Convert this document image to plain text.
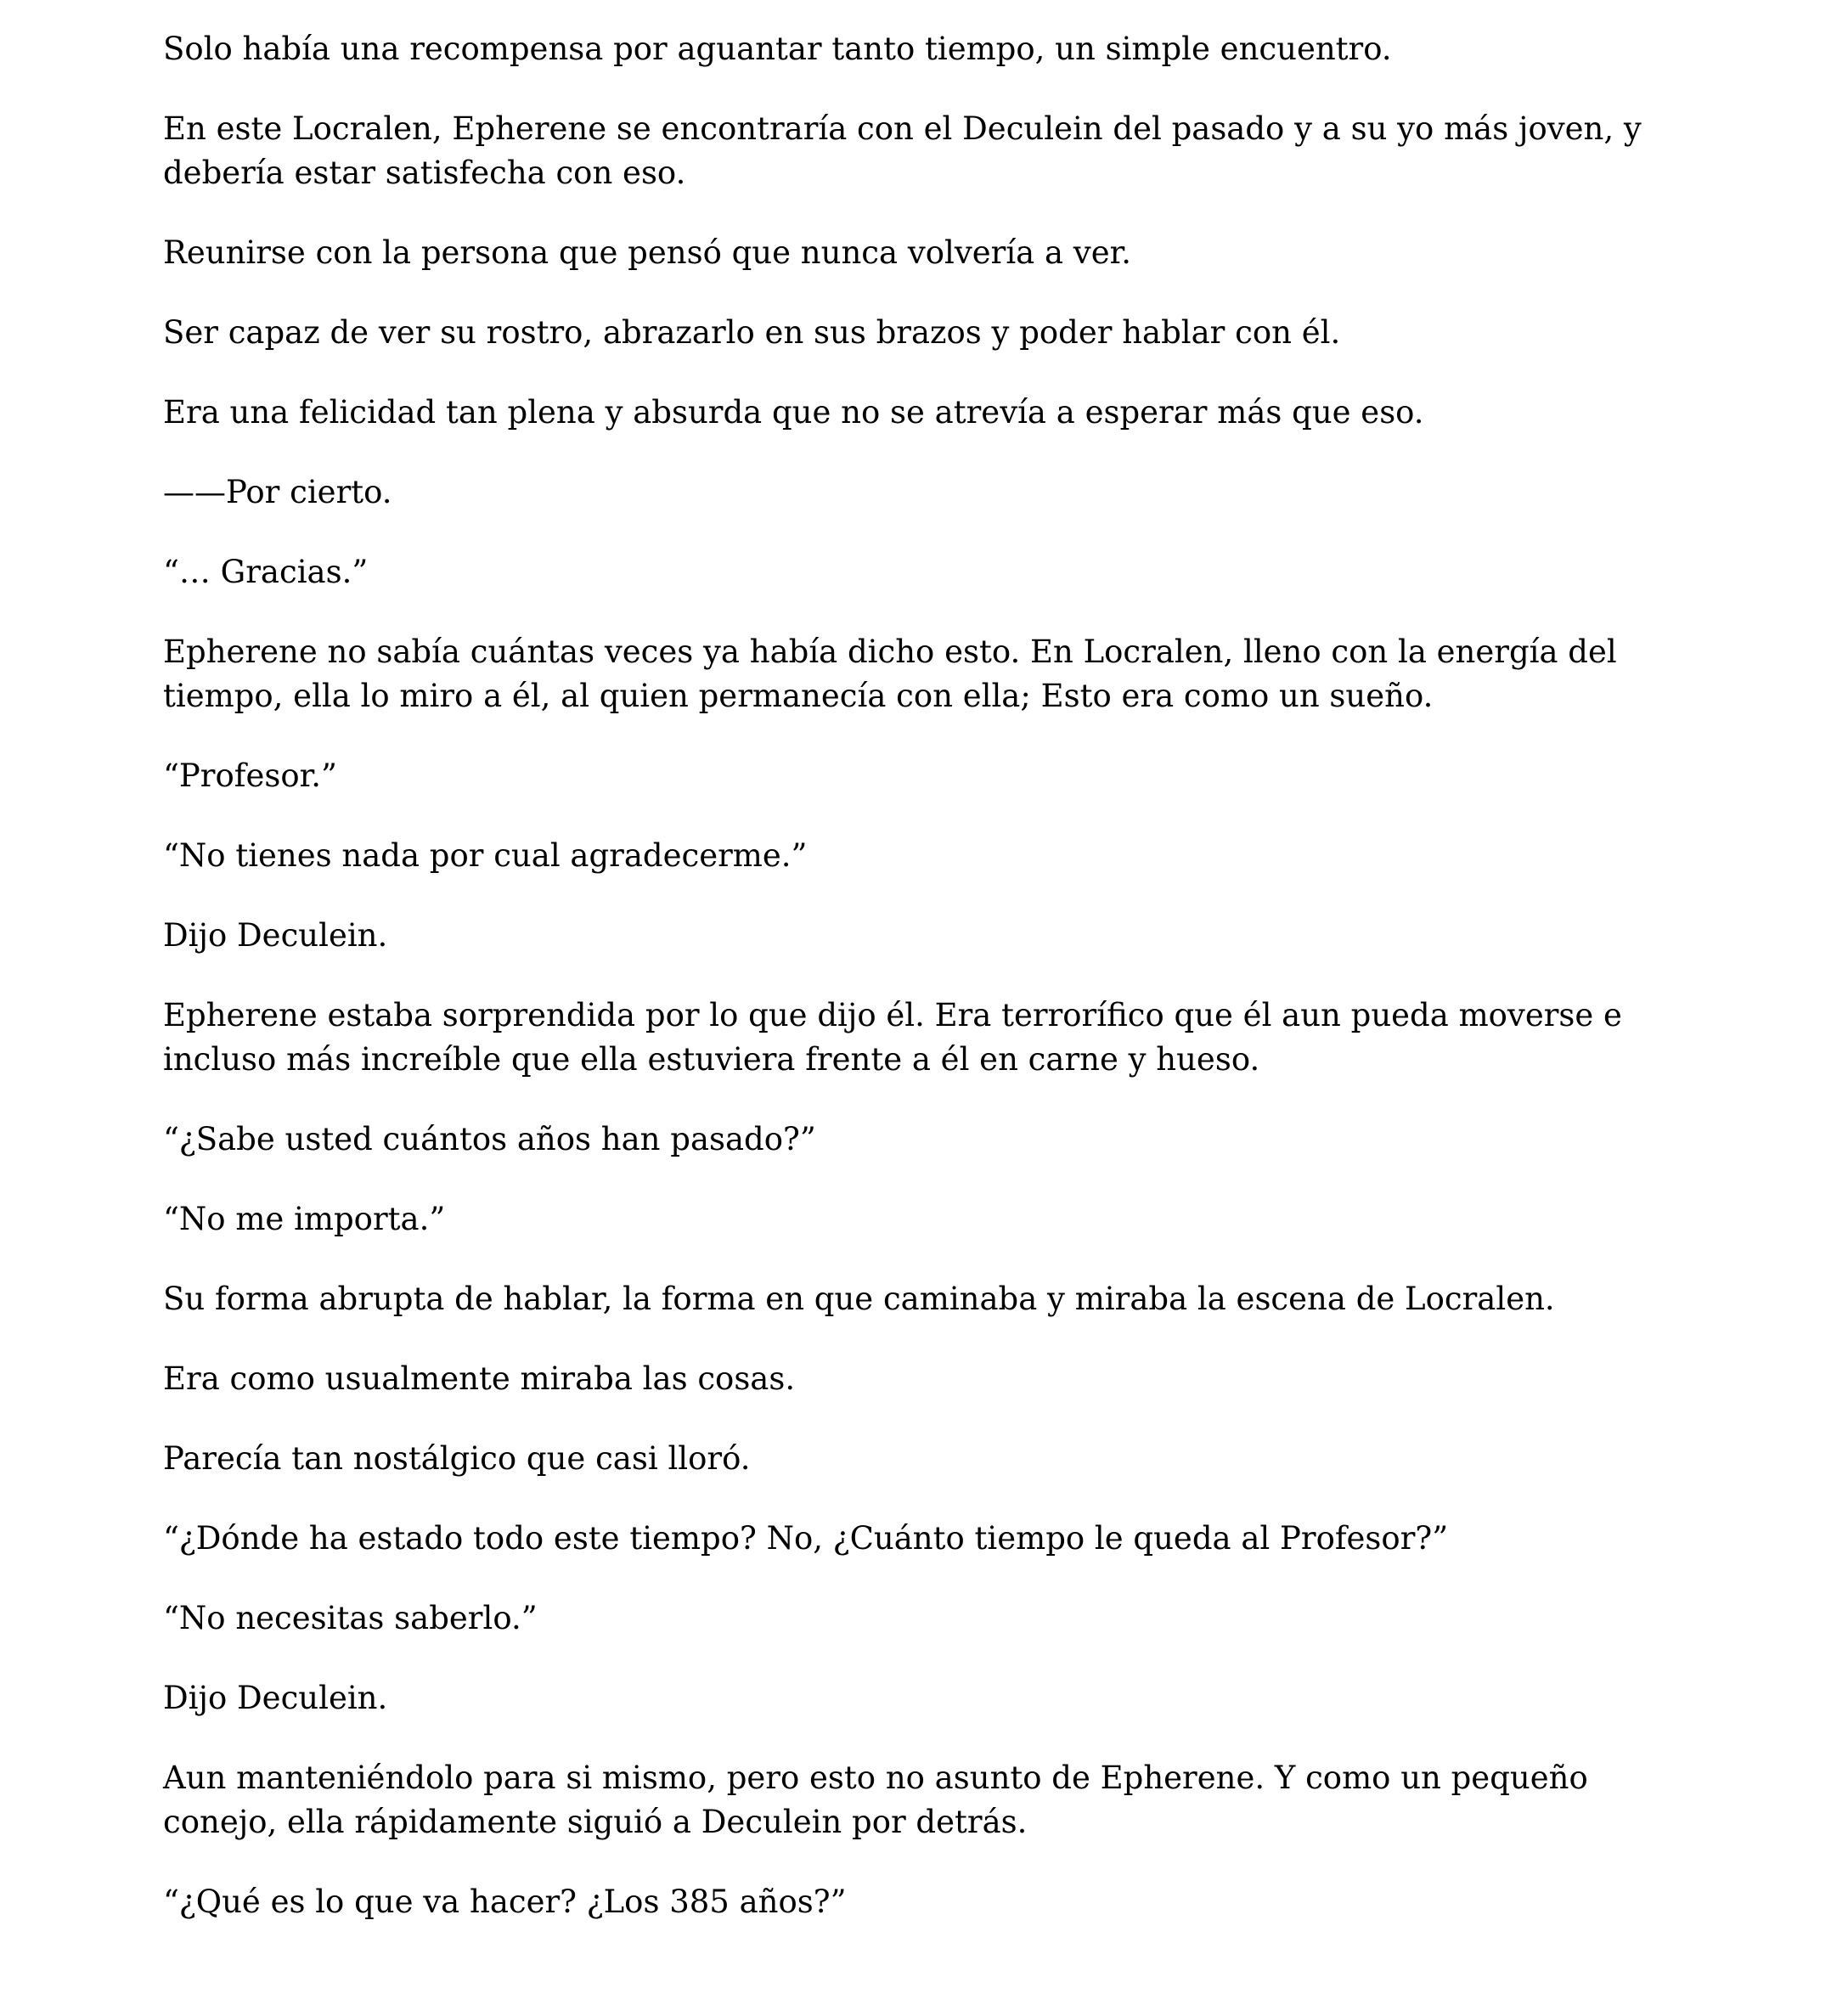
Solo había una recompensa por aguantar tanto tiempo, un simple encuentro.

En este Locralen, Epherene se encontraría con el Deculein del pasado y a su yo más joven, y debería estar satisfecha con eso.

Reunirse con la persona que pensó que nunca volvería a ver.

Ser capaz de ver su rostro, abrazarlo en sus brazos y poder hablar con él.

Era una felicidad tan plena y absurda que no se atrevía a esperar más que eso.

——Por cierto.

“… Gracias.”

Epherene no sabía cuántas veces ya había dicho esto. En Locralen, lleno con la energía del tiempo, ella lo miro a él, al quien permanecía con ella; Esto era como un sueño.

“Profesor.”

“No tienes nada por cual agradecerme.”

Dijo Deculein.

Epherene estaba sorprendida por lo que dijo él. Era terrorífico que él aun pueda moverse e incluso más increíble que ella estuviera frente a él en carne y hueso.

“¿Sabe usted cuántos años han pasado?”

“No me importa.”

Su forma abrupta de hablar, la forma en que caminaba y miraba la escena de Locralen.

Era como usualmente miraba las cosas.

Parecía tan nostálgico que casi lloró.

“¿Dónde ha estado todo este tiempo? No, ¿Cuánto tiempo le queda al Profesor?”

“No necesitas saberlo.”

Dijo Deculein.

Aun manteniéndolo para si mismo, pero esto no asunto de Epherene. Y como un pequeño conejo, ella rápidamente siguió a Deculein por detrás.

“¿Qué es lo que va hacer? ¿Los 385 años?”
